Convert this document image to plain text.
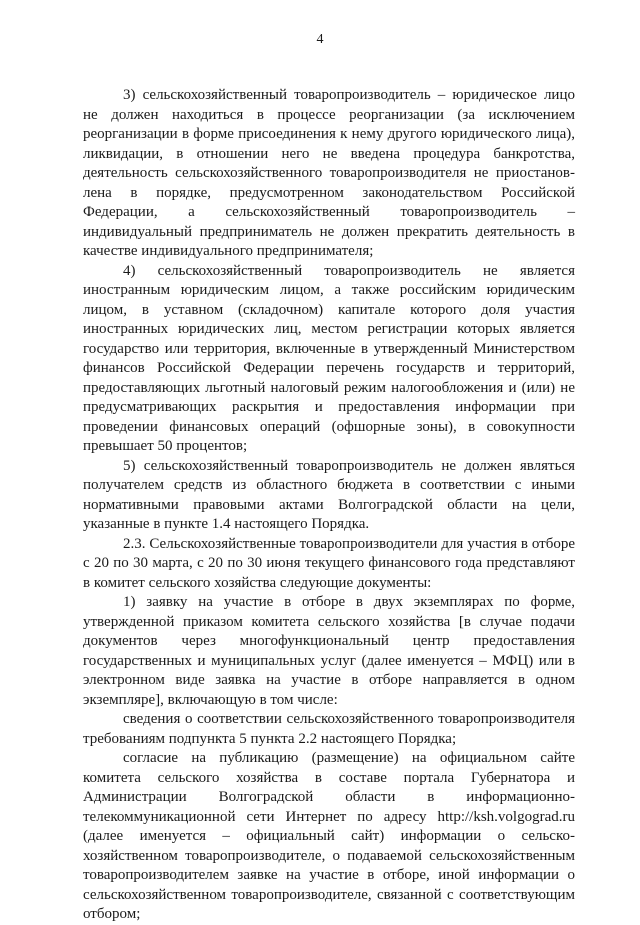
4

3) сельскохозяйственный товаропроизводитель – юридическое лицо не должен находиться в процессе реорганизации (за исключением реорганизации в форме присоединения к нему другого юридического лица), ликвидации, в отношении него не введена процедура банкротства, деятельность сельскохозяйственного товаропроизводителя не приостановлена в порядке, предусмотренном законодательством Российской Федерации, а сельскохозяйственный товаропроизводитель – индивидуальный предприниматель не должен прекратить деятельность в качестве индивидуального предпринимателя;

4) сельскохозяйственный товаропроизводитель не является иностранным юридическим лицом, а также российским юридическим лицом, в уставном (складочном) капитале которого доля участия иностранных юридических лиц, местом регистрации которых является государство или территория, включенные в утвержденный Министерством финансов Российской Федерации перечень государств и территорий, предоставляющих льготный налоговый режим налогообложения и (или) не предусматривающих раскрытия и предоставления информации при проведении финансовых операций (офшорные зоны), в совокупности превышает 50 процентов;

5) сельскохозяйственный товаропроизводитель не должен являться получателем средств из областного бюджета в соответствии с иными нормативными правовыми актами Волгоградской области на цели, указанные в пункте 1.4 настоящего Порядка.

2.3. Сельскохозяйственные товаропроизводители для участия в отборе с 20 по 30 марта, с 20 по 30 июня текущего финансового года представляют в комитет сельского хозяйства следующие документы:

1) заявку на участие в отборе в двух экземплярах по форме, утвержденной приказом комитета сельского хозяйства [в случае подачи документов через многофункциональный центр предоставления государственных и муниципальных услуг (далее именуется – МФЦ) или в электронном виде заявка на участие в отборе направляется в одном экземпляре], включающую в том числе:

сведения о соответствии сельскохозяйственного товаропроизводителя требованиям подпункта 5 пункта 2.2 настоящего Порядка;

согласие на публикацию (размещение) на официальном сайте комитета сельского хозяйства в составе портала Губернатора и Администрации Волгоградской области в информационно-телекоммуникационной сети Интернет по адресу http://ksh.volgograd.ru (далее именуется – официальный сайт) информации о сельскохозяйственном товаропроизводителе, о подаваемой сельскохозяйственным товаропроизводителем заявке на участие в отборе, иной информации о сельскохозяйственном товаропроизводителе, связанной с соответствующим отбором;
